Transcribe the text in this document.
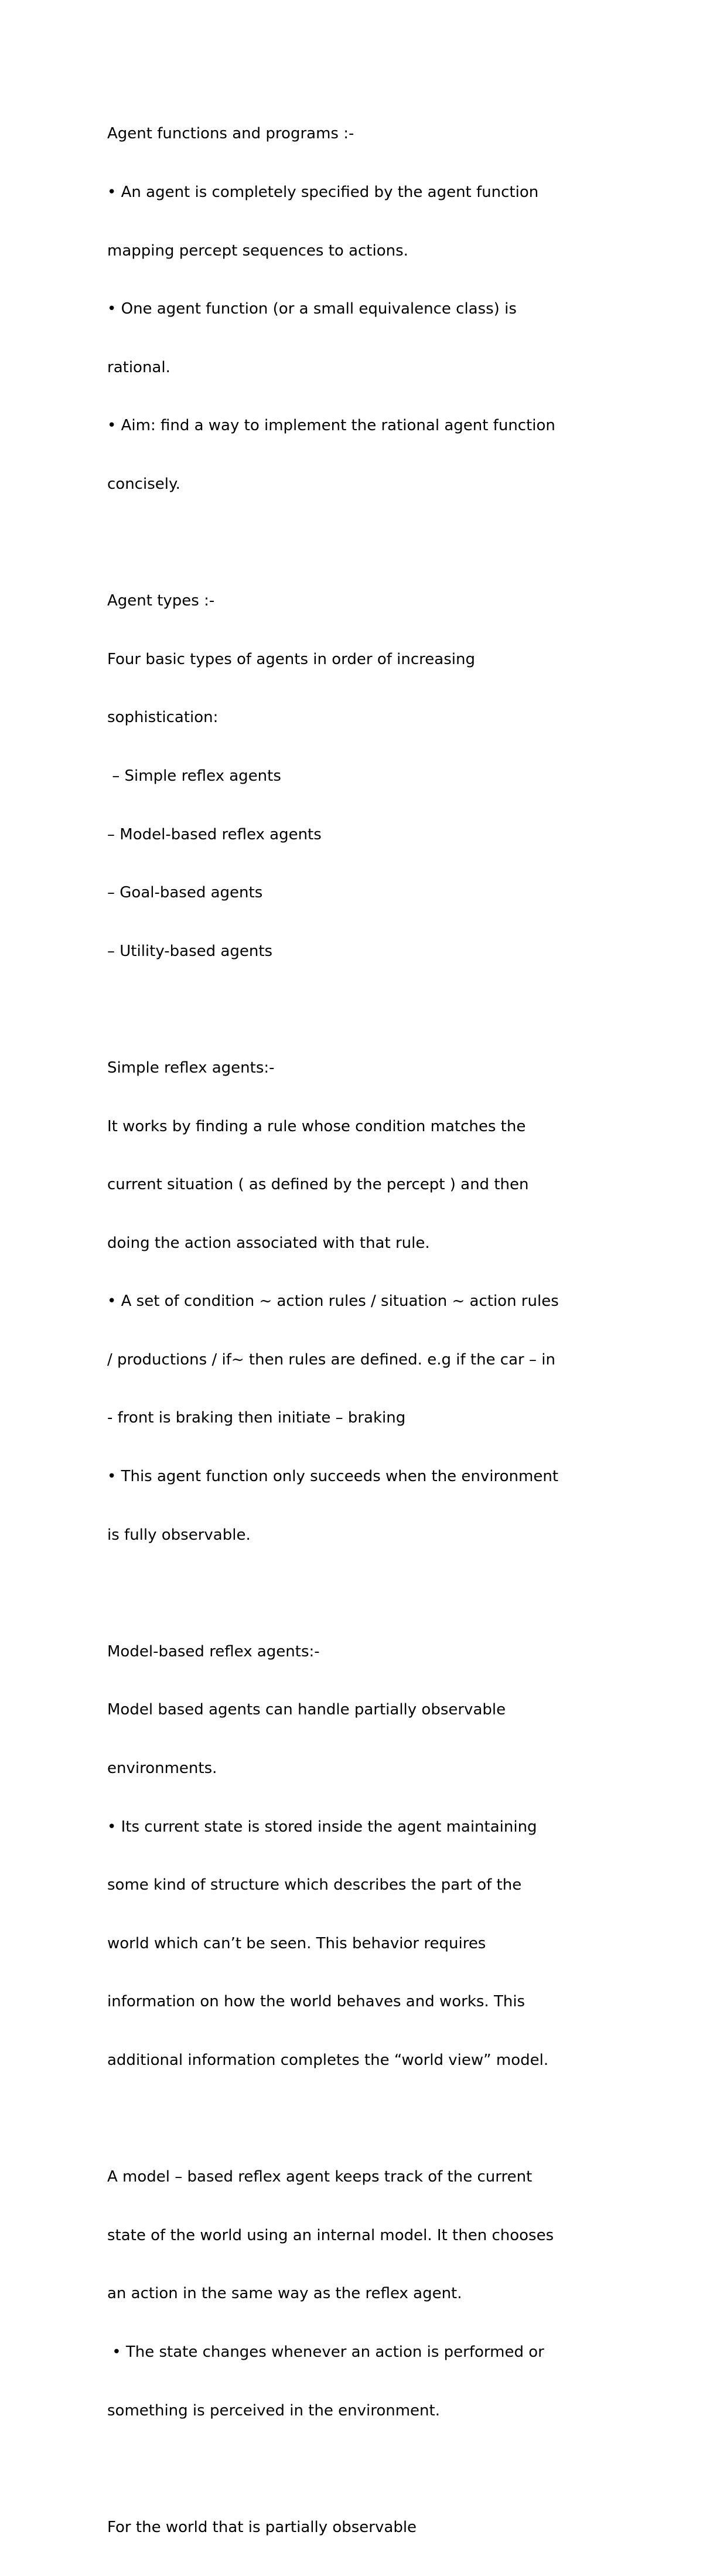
Agent functions and programs :-

• An agent is completely specified by the agent function

mapping percept sequences to actions.

• One agent function (or a small equivalence class) is

rational.

• Aim: find a way to implement the rational agent function

concisely.

Agent types :-

Four basic types of agents in order of increasing

sophistication:

– Simple reflex agents

– Model-based reflex agents

– Goal-based agents

– Utility-based agents

Simple reflex agents:-

It works by finding a rule whose condition matches the

current situation ( as defined by the percept ) and then

doing the action associated with that rule.

• A set of condition ~ action rules / situation ~ action rules

/ productions / if~ then rules are defined. e.g if the car – in

- front is braking then initiate – braking

• This agent function only succeeds when the environment

is fully observable.

Model-based reflex agents:-

Model based agents can handle partially observable

environments.

• Its current state is stored inside the agent maintaining

some kind of structure which describes the part of the

world which can’t be seen. This behavior requires

information on how the world behaves and works. This

additional information completes the “world view” model.

A model – based reflex agent keeps track of the current

state of the world using an internal model. It then chooses

an action in the same way as the reflex agent.

• The state changes whenever an action is performed or

something is perceived in the environment.

For the world that is partially observable
